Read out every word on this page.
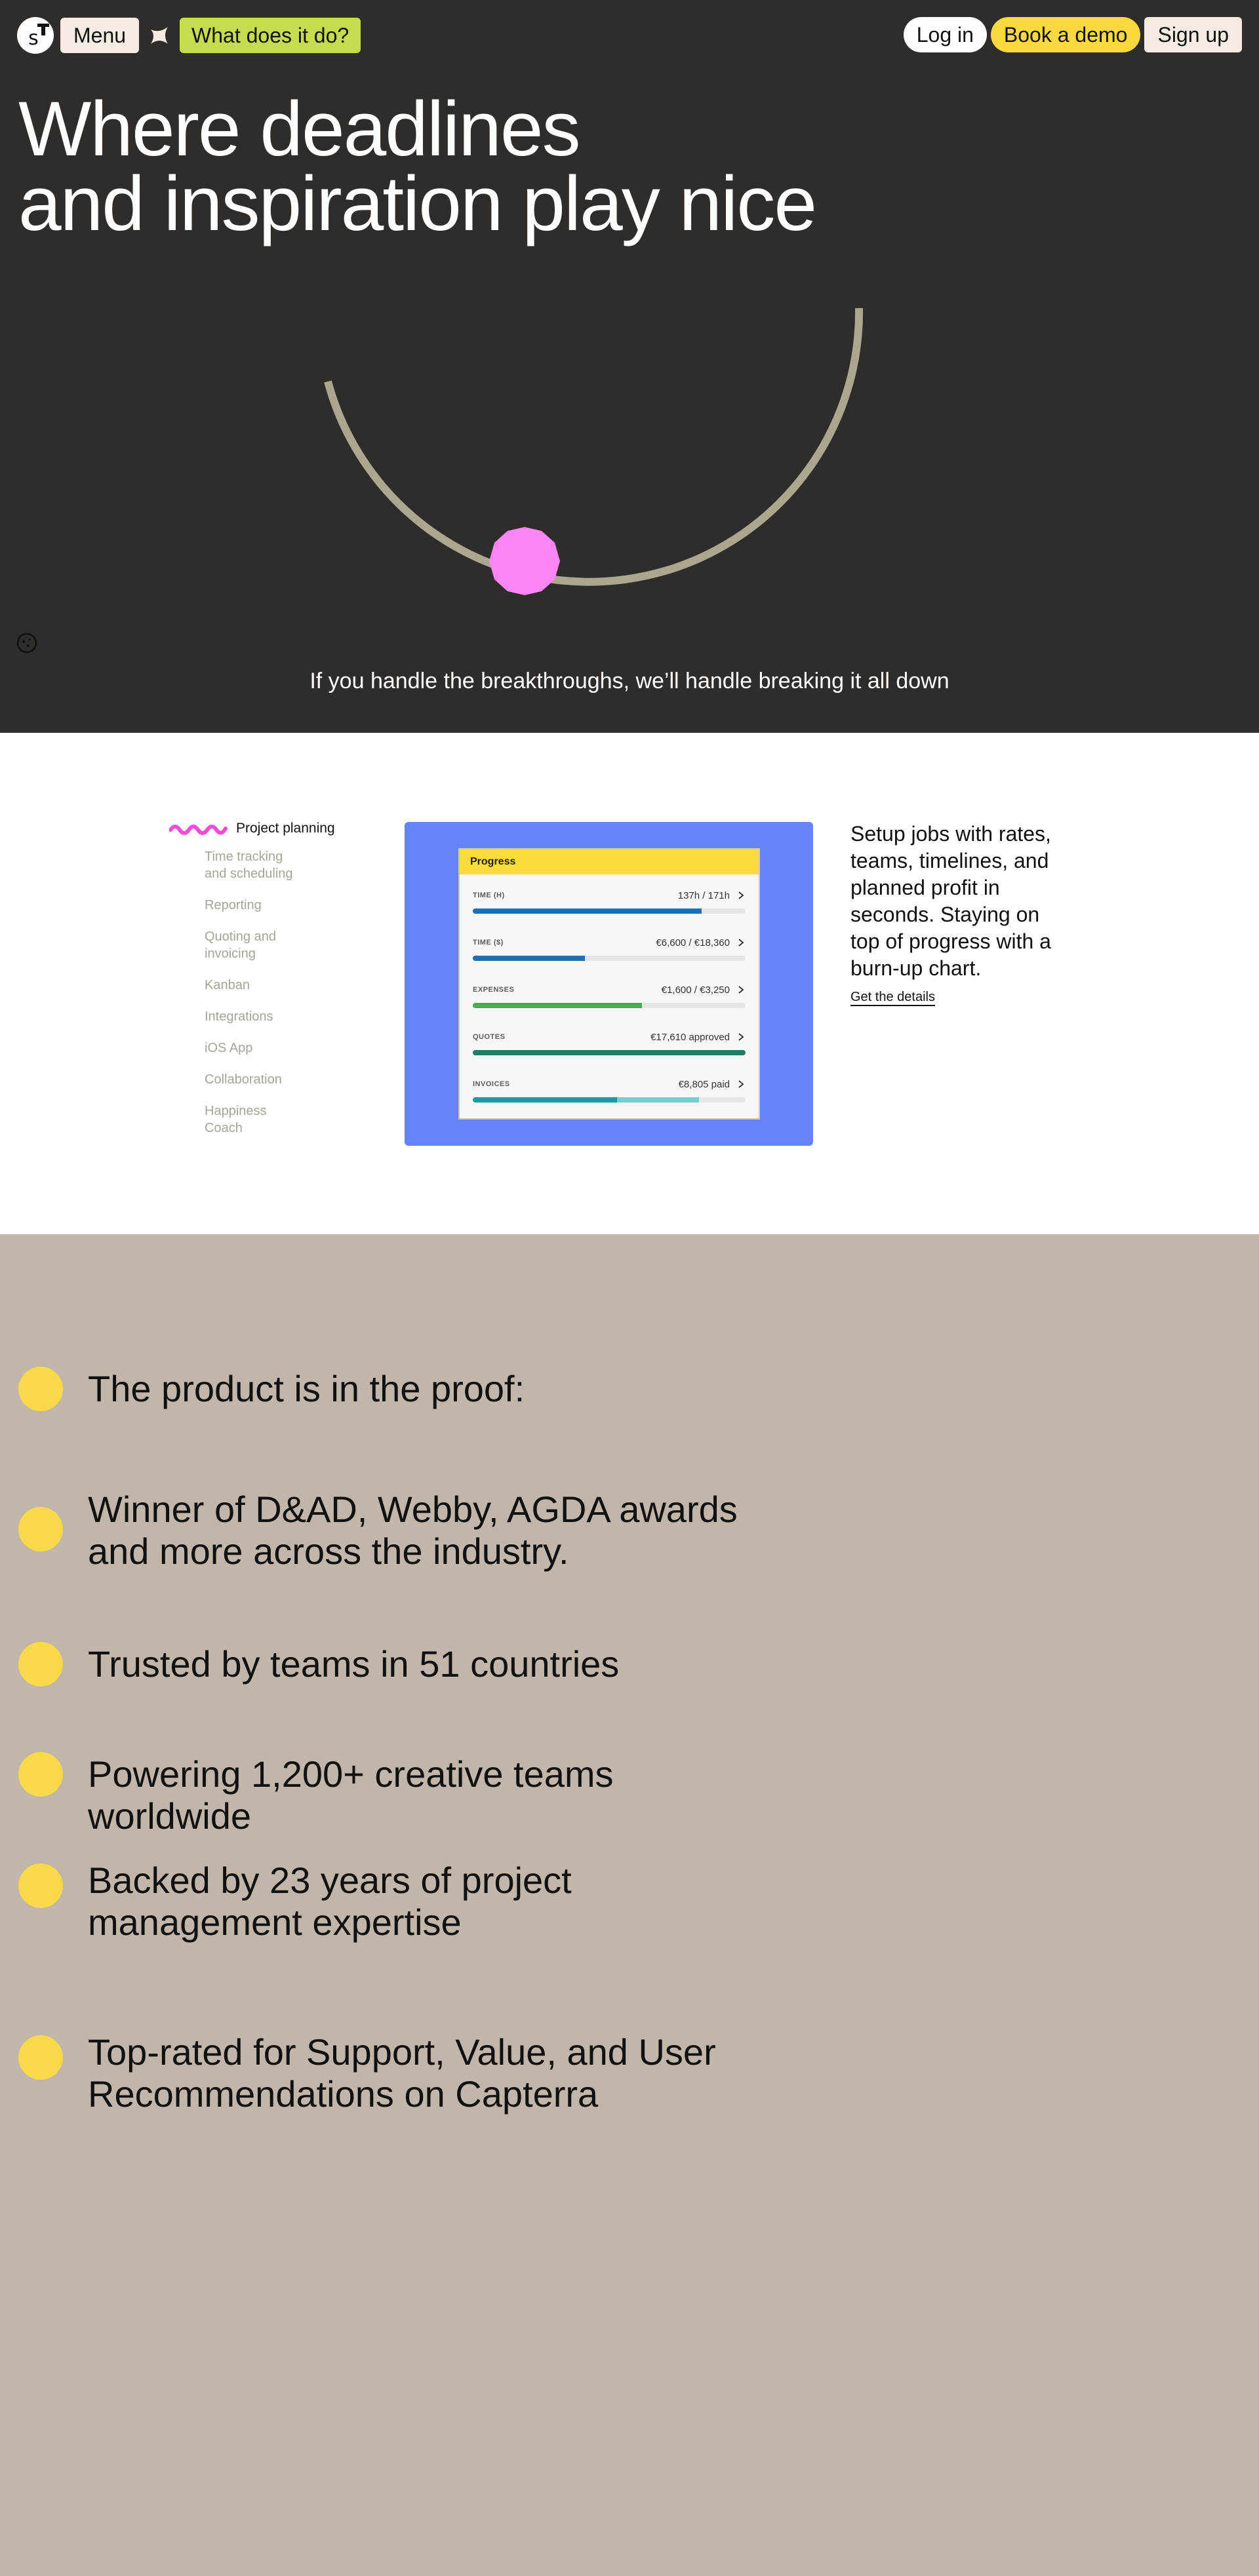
s	Menu	What does it do?	Log in	Book a demo	Sign up
Where deadlines
and inspiration play nice

If you handle the breakthroughs, we’ll handle breaking it all down

Project planning
Time tracking and scheduling
Reporting
Quoting and invoicing
Kanban
Integrations
iOS App
Collaboration
Happiness Coach
Progress
TIME (H)	137h / 171h
TIME ($)	€6,600 / €18,360
EXPENSES	€1,600 / €3,250
QUOTES	€17,610 approved
INVOICES	€8,805 paid

Setup jobs with rates, teams, timelines, and planned profit in seconds. Staying on top of progress with a burn-up chart.

Get the details
The product is in the proof:
Winner of D&AD, Webby, AGDA awards and more across the industry.
Trusted by teams in 51 countries
Powering 1,200+ creative teams worldwide
Backed by 23 years of project management expertise
Top-rated for Support, Value, and User Recommendations on Capterra
